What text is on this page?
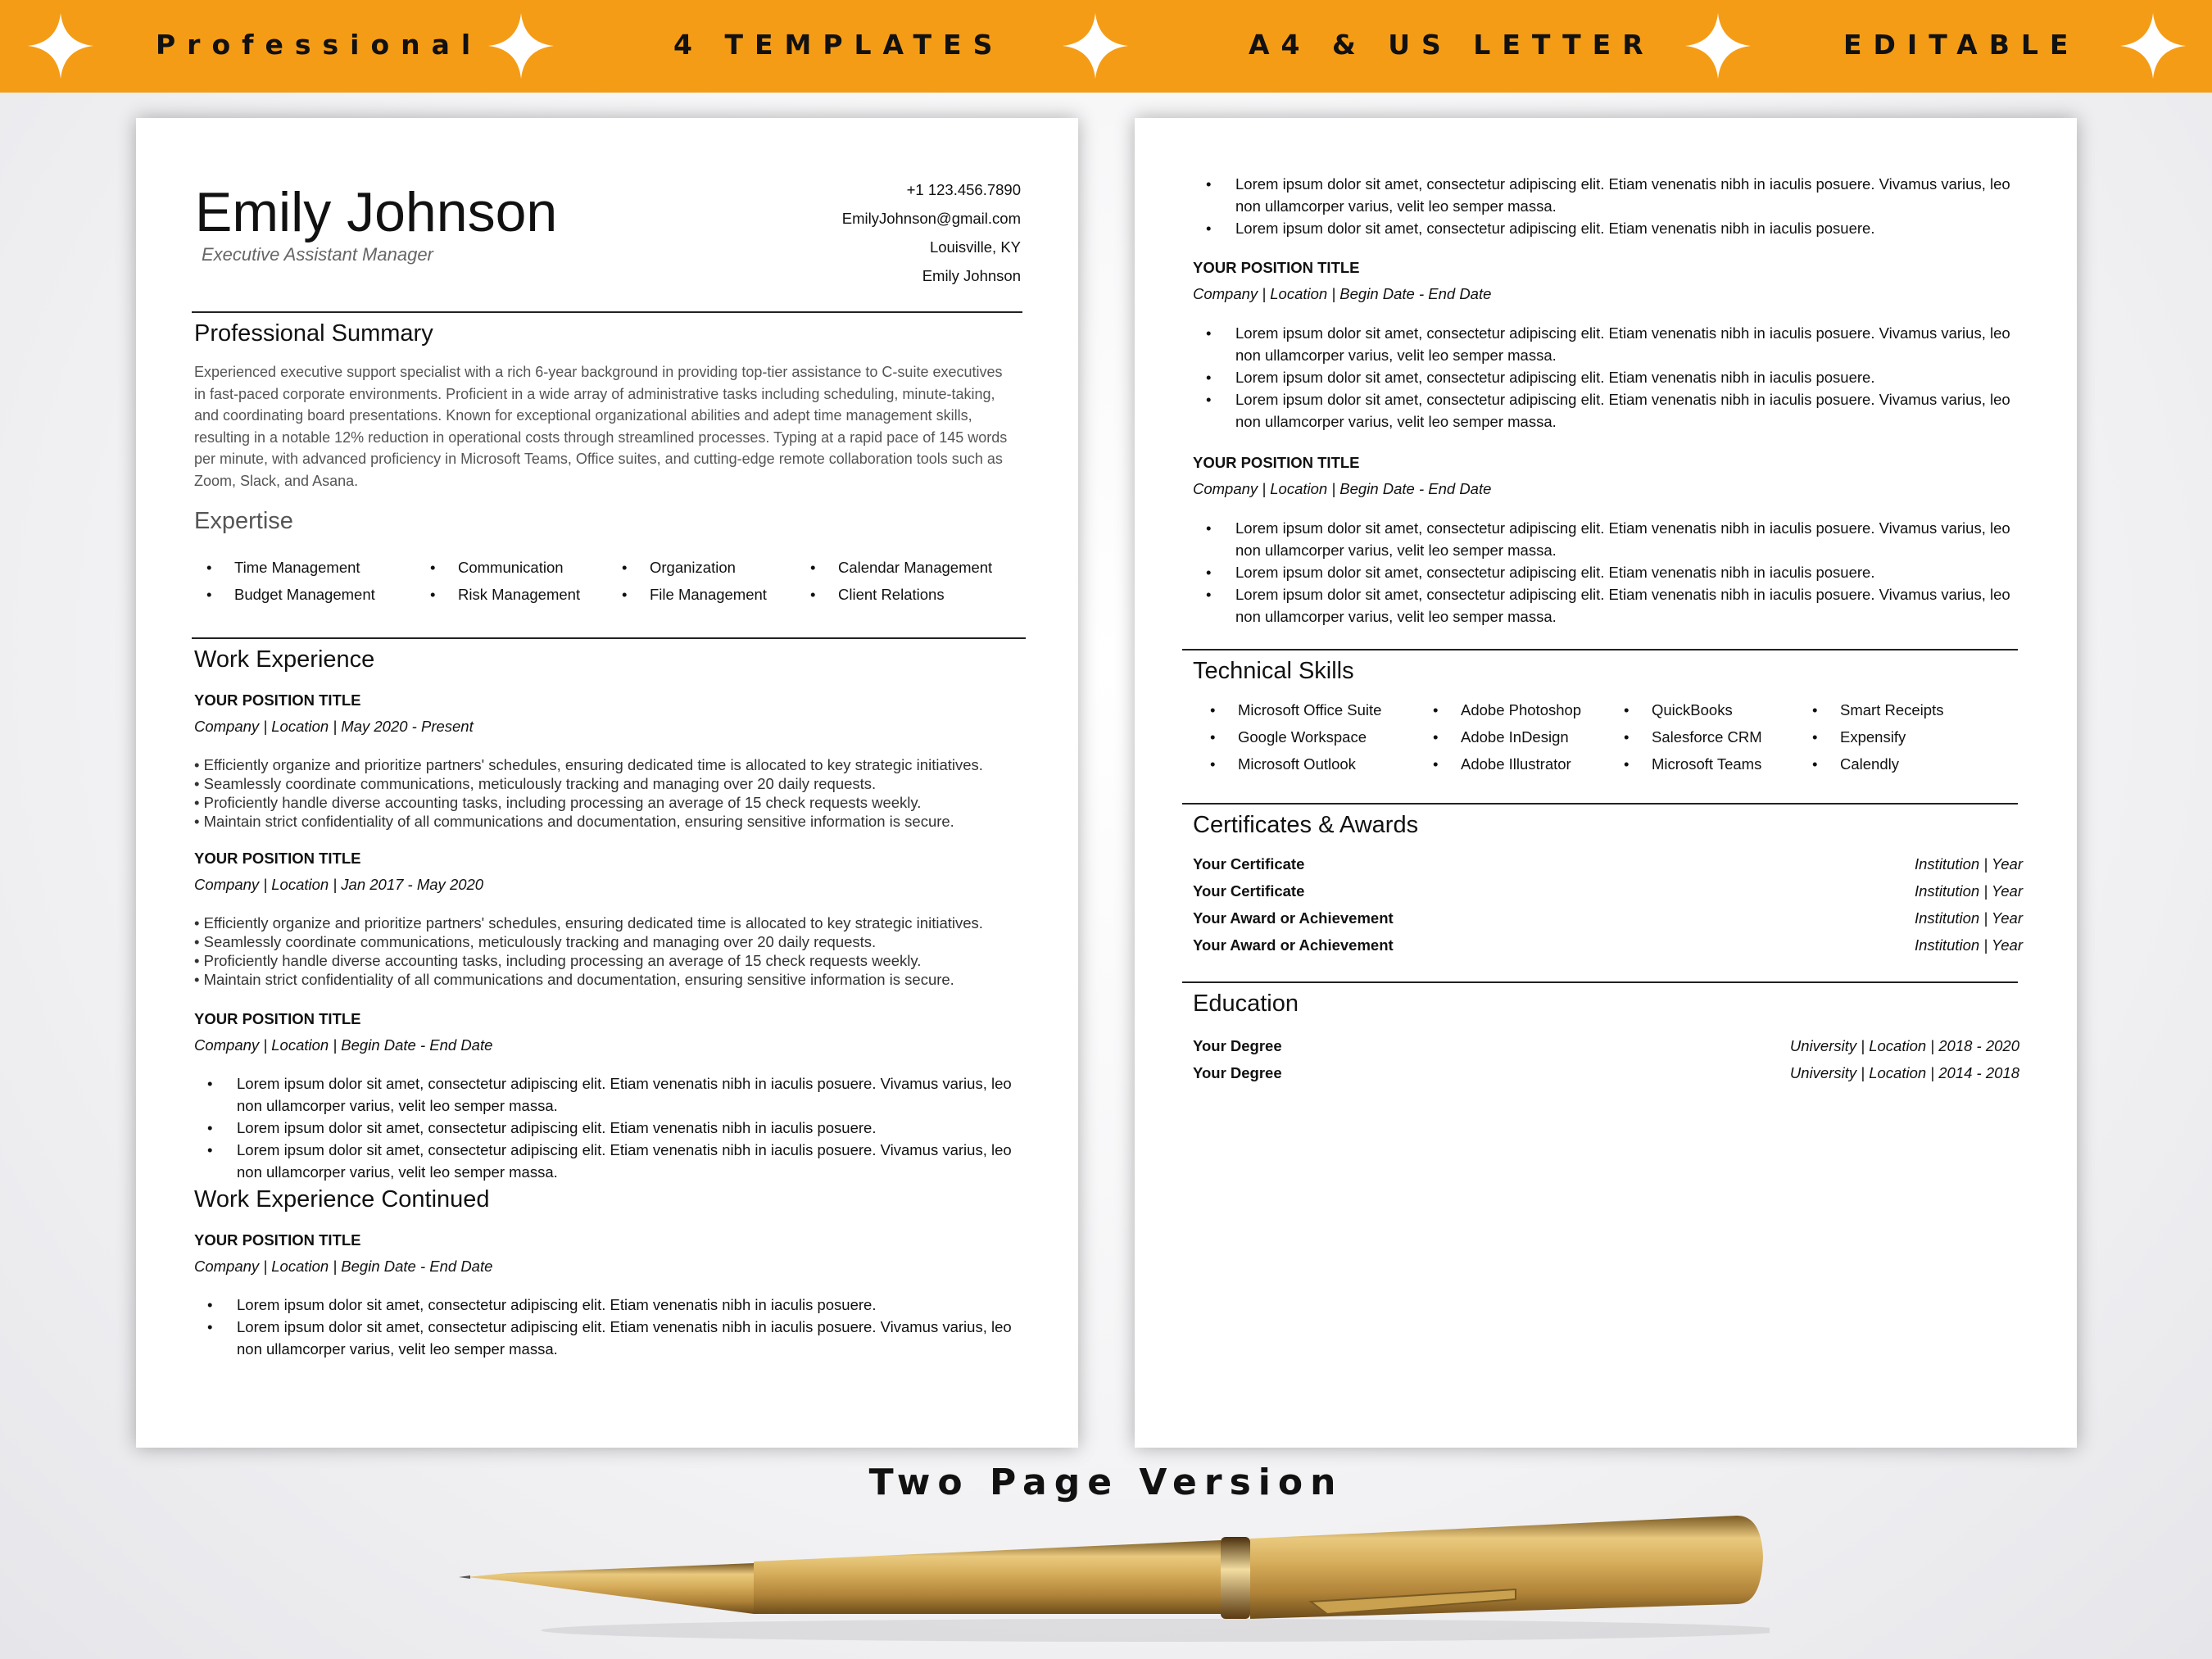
Professional	4 TEMPLATES	A4 & US LETTER	EDITABLE
Emily Johnson
Executive Assistant Manager
+1 123.456.7890
EmilyJohnson@gmail.com
Louisville, KY
Emily Johnson
Professional Summary
Experienced executive support specialist with a rich 6-year background in providing top-tier assistance to C-suite executives in fast-paced corporate environments. Proficient in a wide array of administrative tasks including scheduling, minute-taking, and coordinating board presentations. Known for exceptional organizational abilities and adept time management skills, resulting in a notable 12% reduction in operational costs through streamlined processes. Typing at a rapid pace of 145 words per minute, with advanced proficiency in Microsoft Teams, Office suites, and cutting-edge remote collaboration tools such as Zoom, Slack, and Asana.
Expertise
• Time Management	• Communication	• Organization	• Calendar Management
• Budget Management	• Risk Management	• File Management	• Client Relations
Work Experience
YOUR POSITION TITLE
Company | Location | May 2020 - Present
• Efficiently organize and prioritize partners' schedules, ensuring dedicated time is allocated to key strategic initiatives.
• Seamlessly coordinate communications, meticulously tracking and managing over 20 daily requests.
• Proficiently handle diverse accounting tasks, including processing an average of 15 check requests weekly.
• Maintain strict confidentiality of all communications and documentation, ensuring sensitive information is secure.
YOUR POSITION TITLE
Company | Location | Jan 2017 - May 2020
• Efficiently organize and prioritize partners' schedules, ensuring dedicated time is allocated to key strategic initiatives.
• Seamlessly coordinate communications, meticulously tracking and managing over 20 daily requests.
• Proficiently handle diverse accounting tasks, including processing an average of 15 check requests weekly.
• Maintain strict confidentiality of all communications and documentation, ensuring sensitive information is secure.
YOUR POSITION TITLE
Company | Location | Begin Date - End Date
• Lorem ipsum dolor sit amet, consectetur adipiscing elit. Etiam venenatis nibh in iaculis posuere. Vivamus varius, leo non ullamcorper varius, velit leo semper massa.
• Lorem ipsum dolor sit amet, consectetur adipiscing elit. Etiam venenatis nibh in iaculis posuere.
• Lorem ipsum dolor sit amet, consectetur adipiscing elit. Etiam venenatis nibh in iaculis posuere. Vivamus varius, leo non ullamcorper varius, velit leo semper massa.
Work Experience Continued
YOUR POSITION TITLE
Company | Location | Begin Date - End Date
• Lorem ipsum dolor sit amet, consectetur adipiscing elit. Etiam venenatis nibh in iaculis posuere.
• Lorem ipsum dolor sit amet, consectetur adipiscing elit. Etiam venenatis nibh in iaculis posuere. Vivamus varius, leo non ullamcorper varius, velit leo semper massa.
• Lorem ipsum dolor sit amet, consectetur adipiscing elit. Etiam venenatis nibh in iaculis posuere. Vivamus varius, leo non ullamcorper varius, velit leo semper massa.
• Lorem ipsum dolor sit amet, consectetur adipiscing elit. Etiam venenatis nibh in iaculis posuere.
YOUR POSITION TITLE
Company | Location | Begin Date - End Date
• Lorem ipsum dolor sit amet, consectetur adipiscing elit. Etiam venenatis nibh in iaculis posuere. Vivamus varius, leo non ullamcorper varius, velit leo semper massa.
• Lorem ipsum dolor sit amet, consectetur adipiscing elit. Etiam venenatis nibh in iaculis posuere.
• Lorem ipsum dolor sit amet, consectetur adipiscing elit. Etiam venenatis nibh in iaculis posuere. Vivamus varius, leo non ullamcorper varius, velit leo semper massa.
YOUR POSITION TITLE
Company | Location | Begin Date - End Date
• Lorem ipsum dolor sit amet, consectetur adipiscing elit. Etiam venenatis nibh in iaculis posuere. Vivamus varius, leo non ullamcorper varius, velit leo semper massa.
• Lorem ipsum dolor sit amet, consectetur adipiscing elit. Etiam venenatis nibh in iaculis posuere.
• Lorem ipsum dolor sit amet, consectetur adipiscing elit. Etiam venenatis nibh in iaculis posuere. Vivamus varius, leo non ullamcorper varius, velit leo semper massa.
Technical Skills
• Microsoft Office Suite	• Adobe Photoshop	• QuickBooks	• Smart Receipts
• Google Workspace	• Adobe InDesign	• Salesforce CRM	• Expensify
• Microsoft Outlook	• Adobe Illustrator	• Microsoft Teams	• Calendly
Certificates & Awards
Your Certificate	Institution | Year
Your Certificate	Institution | Year
Your Award or Achievement	Institution | Year
Your Award or Achievement	Institution | Year
Education
Your Degree	University | Location | 2018 - 2020
Your Degree	University | Location | 2014 - 2018
Two Page Version
